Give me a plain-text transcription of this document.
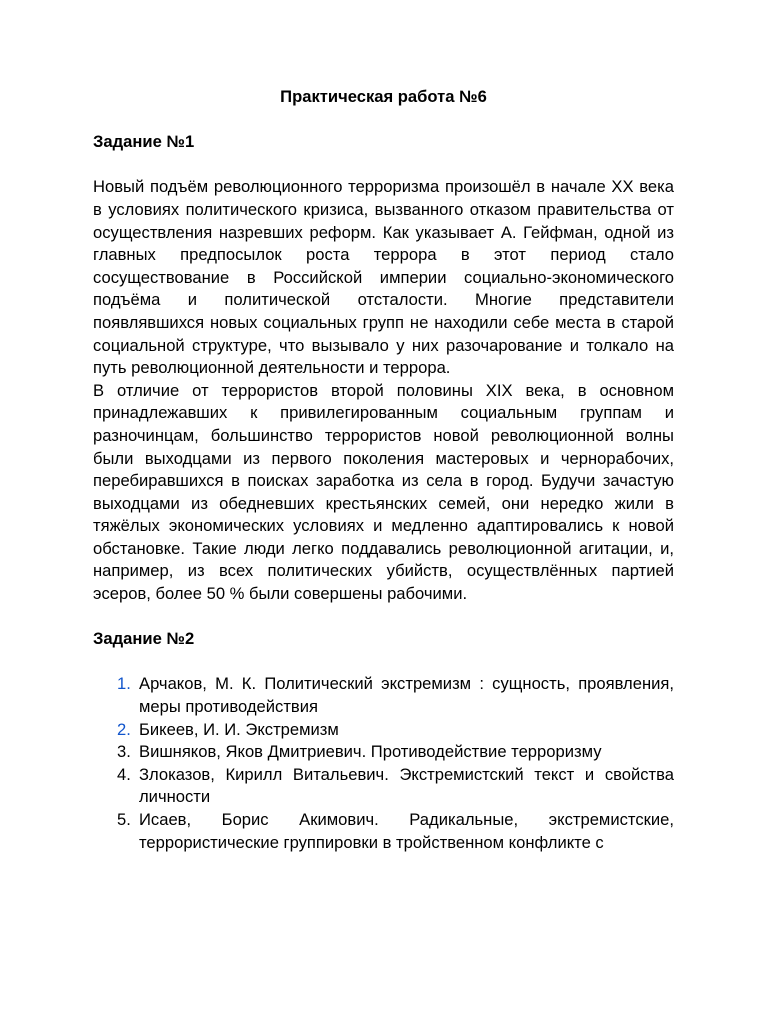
Практическая работа №6

Задание №1

Новый подъём революционного терроризма произошёл в начале XX века в условиях политического кризиса, вызванного отказом правительства от осуществления назревших реформ. Как указывает А. Гейфман, одной из главных предпосылок роста террора в этот период стало сосуществование в Российской империи социально-экономического подъёма и политической отсталости. Многие представители появлявшихся новых социальных групп не находили себе места в старой социальной структуре, что вызывало у них разочарование и толкало на путь революционной деятельности и террора.

В отличие от террористов второй половины XIX века, в основном принадлежавших к привилегированным социальным группам и разночинцам, большинство террористов новой революционной волны были выходцами из первого поколения мастеровых и чернорабочих, перебиравшихся в поисках заработка из села в город. Будучи зачастую выходцами из обедневших крестьянских семей, они нередко жили в тяжёлых экономических условиях и медленно адаптировались к новой обстановке. Такие люди легко поддавались революционной агитации, и, например, из всех политических убийств, осуществлённых партией эсеров, более 50 % были совершены рабочими.

Задание №2

1. Арчаков, М. К. Политический экстремизм : сущность, проявления, меры противодействия
2. Бикеев, И. И. Экстремизм
3. Вишняков, Яков Дмитриевич. Противодействие терроризму
4. Злоказов, Кирилл Витальевич. Экстремистский текст и свойства личности
5. Исаев, Борис Акимович. Радикальные, экстремистские, террористические группировки в тройственном конфликте с
